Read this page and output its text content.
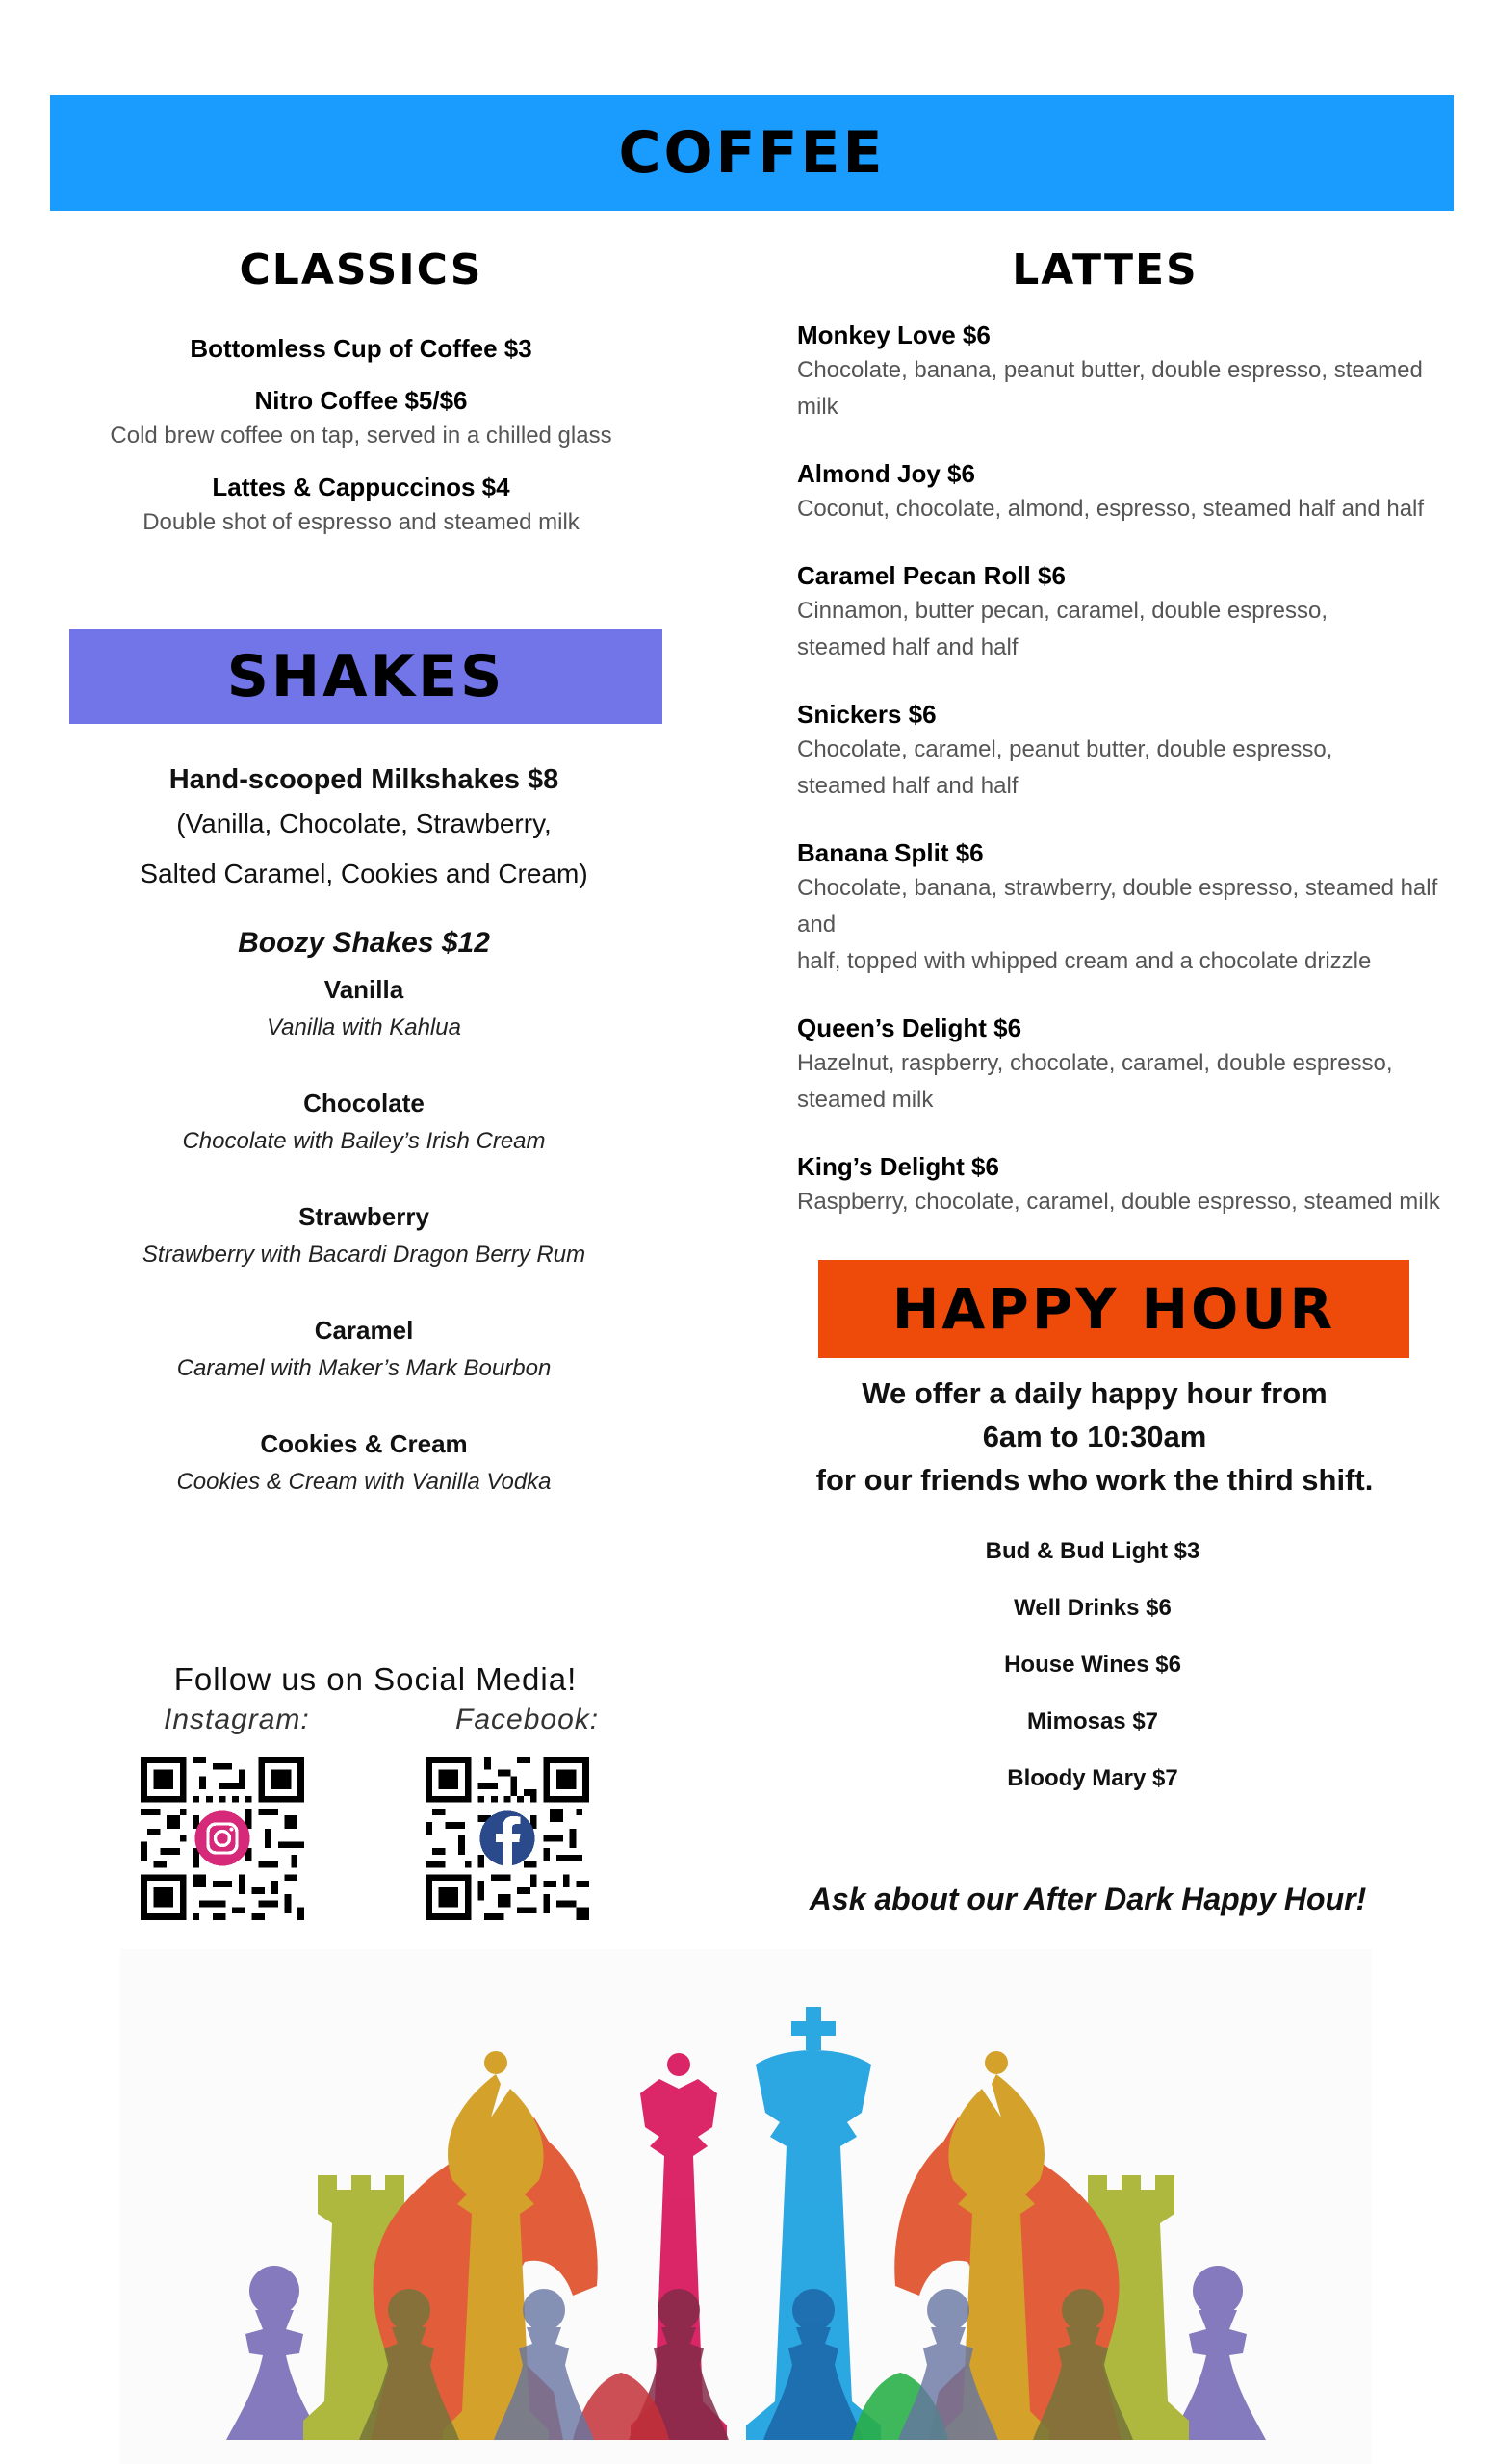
COFFEE
CLASSICS
Bottomless Cup of Coffee $3
Nitro Coffee $5/$6
Cold brew coffee on tap, served in a chilled glass
Lattes & Cappuccinos $4
Double shot of espresso and steamed milk
SHAKES
Hand-scooped Milkshakes $8
(Vanilla, Chocolate, Strawberry,
Salted Caramel, Cookies and Cream)
Boozy Shakes $12
Vanilla
Vanilla with Kahlua
Chocolate
Chocolate with Bailey’s Irish Cream
Strawberry
Strawberry with Bacardi Dragon Berry Rum
Caramel
Caramel with Maker’s Mark Bourbon
Cookies & Cream
Cookies & Cream with Vanilla Vodka
LATTES
Monkey Love $6
Chocolate, banana, peanut butter, double espresso, steamed milk
Almond Joy $6
Coconut, chocolate, almond, espresso, steamed half and half
Caramel Pecan Roll $6
Cinnamon, butter pecan, caramel, double espresso,
steamed half and half
Snickers $6
Chocolate, caramel, peanut butter, double espresso,
steamed half and half
Banana Split $6
Chocolate, banana, strawberry, double espresso, steamed half and
half, topped with whipped cream and a chocolate drizzle
Queen’s Delight $6
Hazelnut, raspberry, chocolate, caramel, double espresso,
steamed milk
King’s Delight $6
Raspberry, chocolate, caramel, double espresso, steamed milk
HAPPY HOUR
We offer a daily happy hour from
6am to 10:30am
for our friends who work the third shift.
Bud & Bud Light $3
Well Drinks $6
House Wines $6
Mimosas $7
Bloody Mary $7
Ask about our After Dark Happy Hour!
Follow us on Social Media!
Instagram:	Facebook:
